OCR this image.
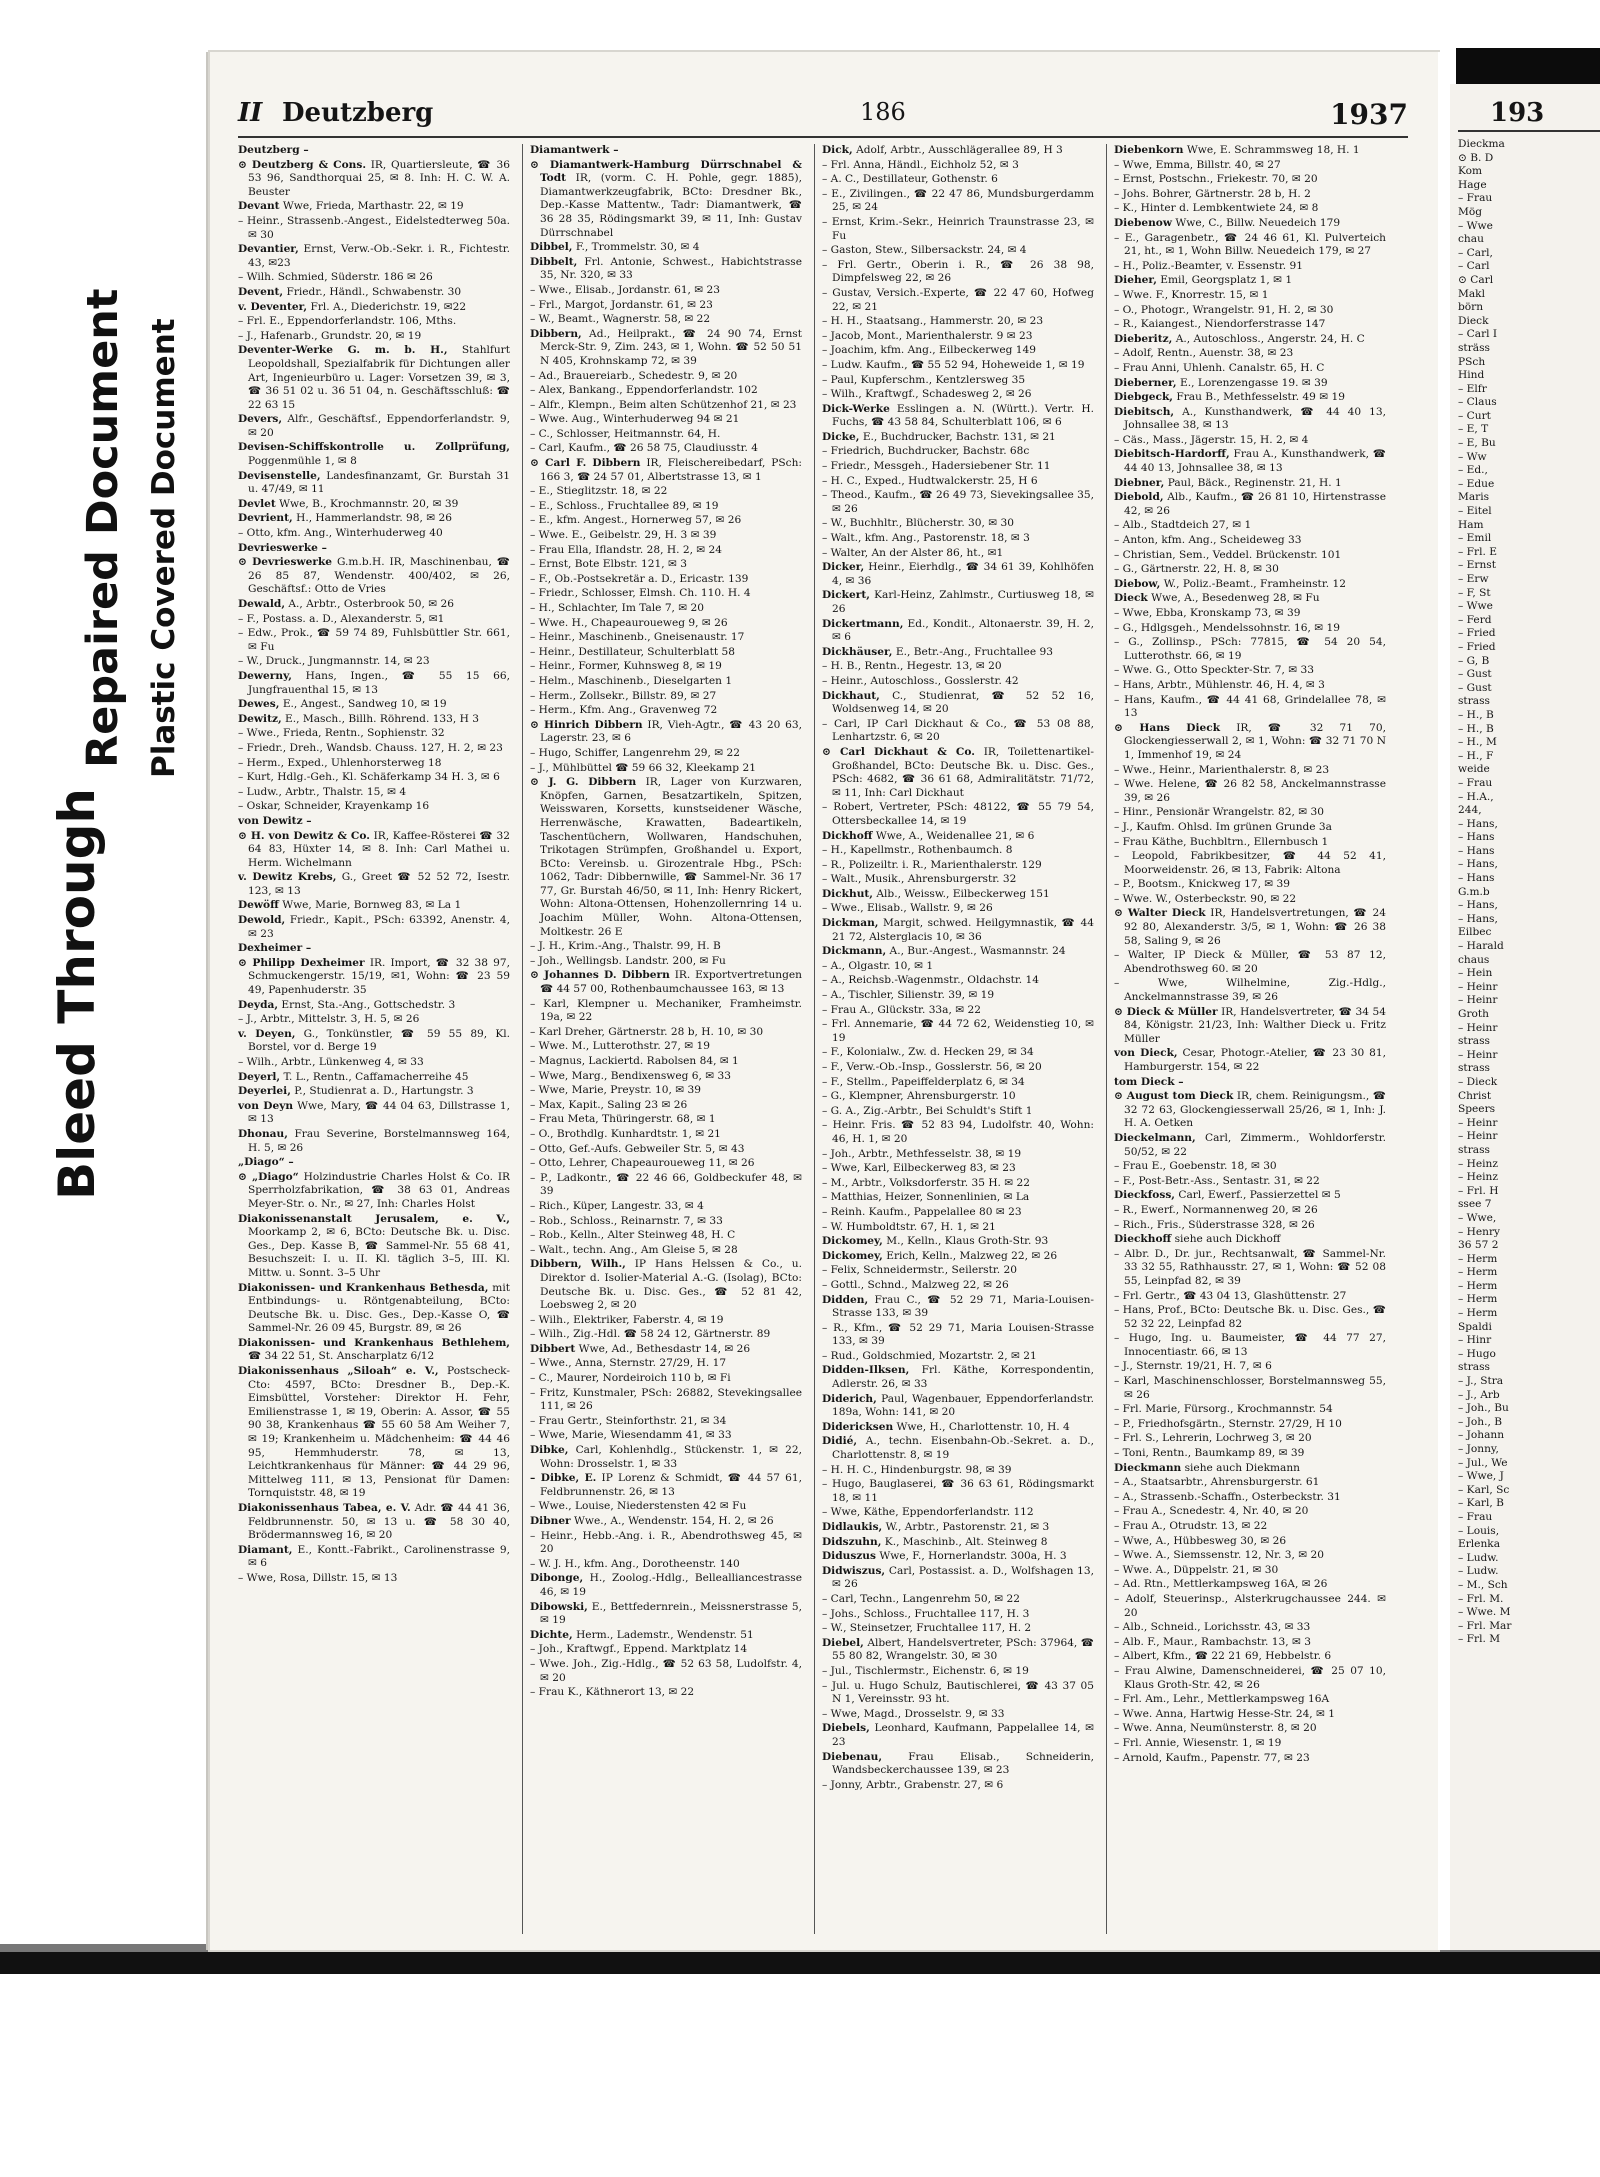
Bleed Through
Repaired Document Plastic Covered Document
II Deutzberg	186	1937
Deutzberg –
⊙ Deutzberg & Cons. IR, Quartiersleute, ☎ 36 53 96, Sandthorquai 25, ✉ 8. Inh: H. C. W. A. Beuster
Devant Wwe, Frieda, Marthastr. 22, ✉ 19
– Heinr., Strassenb.-Angest., Eidelstedterweg 50a. ✉ 30
Devantier, Ernst, Verw.-Ob.-Sekr. i. R., Fichtestr. 43, ✉23
– Wilh. Schmied, Süderstr. 186 ✉ 26
Devent, Friedr., Händl., Schwabenstr. 30
v. Deventer, Frl. A., Diederichstr. 19, ✉22
– Frl. E., Eppendorferlandstr. 106, Mths.
– J., Hafenarb., Grundstr. 20, ✉ 19
Deventer-Werke G. m. b. H., Stahlfurt Leopoldshall, Spezialfabrik für Dichtungen aller Art, Ingenieurbüro u. Lager: Vorsetzen 39, ✉ 3, ☎ 36 51 02 u. 36 51 04, n. Geschäftsschluß: ☎ 22 63 15
Devers, Alfr., Geschäftsf., Eppendorferlandstr. 9, ✉ 20
Devisen-Schiffskontrolle u. Zollprüfung, Poggenmühle 1, ✉ 8
Devisenstelle, Landesfinanzamt, Gr. Burstah 31 u. 47/49, ✉ 11
Devlet Wwe, B., Krochmannstr. 20, ✉ 39
Devrient, H., Hammerlandstr. 98, ✉ 26
– Otto, kfm. Ang., Winterhuderweg 40
Devrieswerke –
⊙ Devrieswerke G.m.b.H. IR, Maschinenbau, ☎ 26 85 87, Wendenstr. 400/402, ✉ 26, Geschäftsf.: Otto de Vries
Dewald, A., Arbtr., Osterbrook 50, ✉ 26
– F., Postass. a. D., Alexanderstr. 5, ✉1
– Edw., Prok., ☎ 59 74 89, Fuhlsbüttler Str. 661, ✉ Fu
– W., Druck., Jungmannstr. 14, ✉ 23
Dewerny, Hans, Ingen., ☎ 55 15 66, Jungfrauenthal 15, ✉ 13
Dewes, E., Angest., Sandweg 10, ✉ 19
Dewitz, E., Masch., Billh. Röhrend. 133, H 3
– Wwe., Frieda, Rentn., Sophienstr. 32
– Friedr., Dreh., Wandsb. Chauss. 127, H. 2, ✉ 23
– Herm., Exped., Uhlenhorsterweg 18
– Kurt, Hdlg.-Geh., Kl. Schäferkamp 34 H. 3, ✉ 6
– Ludw., Arbtr., Thalstr. 15, ✉ 4
– Oskar, Schneider, Krayenkamp 16
von Dewitz –
⊙ H. von Dewitz & Co. IR, Kaffee-Rösterei ☎ 32 64 83, Hüxter 14, ✉ 8. Inh: Carl Mathei u. Herm. Wichelmann
v. Dewitz Krebs, G., Greet ☎ 52 52 72, Isestr. 123, ✉ 13
Dewöff Wwe, Marie, Bornweg 83, ✉ La 1
Dewold, Friedr., Kapit., PSch: 63392, Anenstr. 4, ✉ 23
Dexheimer –
⊙ Philipp Dexheimer IR. Import, ☎ 32 38 97, Schmuckengerstr. 15/19, ✉1, Wohn: ☎ 23 59 49, Papenhuderstr. 35
Deyda, Ernst, Sta.-Ang., Gottschedstr. 3
– J., Arbtr., Mittelstr. 3, H. 5, ✉ 26
v. Deyen, G., Tonkünstler, ☎ 59 55 89, Kl. Borstel, vor d. Berge 19
– Wilh., Arbtr., Lünkenweg 4, ✉ 33
Deyerl, T. L., Rentn., Caffamacherreihe 45
Deyerlei, P., Studienrat a. D., Hartungstr. 3
von Deyn Wwe, Mary, ☎ 44 04 63, Dillstrasse 1, ✉ 13
Dhonau, Frau Severine, Borstelmannsweg 164, H. 5, ✉ 26
„Diago“ –
⊙ „Diago“ Holzindustrie Charles Holst & Co. IR Sperrholzfabrikation, ☎ 38 63 01, Andreas Meyer-Str. o. Nr., ✉ 27, Inh: Charles Holst
Diakonissenanstalt Jerusalem, e. V., Moorkamp 2, ✉ 6, BCto: Deutsche Bk. u. Disc. Ges., Dep. Kasse B, ☎ Sammel-Nr. 55 68 41, Besuchszeit: I. u. II. Kl. täglich 3–5, III. Kl. Mittw. u. Sonnt. 3–5 Uhr
Diakonissen- und Krankenhaus Bethesda, mit Entbindungs- u. Röntgenabteilung, BCto: Deutsche Bk. u. Disc. Ges., Dep.-Kasse O, ☎ Sammel-Nr. 26 09 45, Burgstr. 89, ✉ 26
Diakonissen- und Krankenhaus Bethlehem, ☎ 34 22 51, St. Anscharplatz 6/12
Diakonissenhaus „Siloah“ e. V., Postscheck-Cto: 4597, BCto: Dresdner B., Dep.-K. Eimsbüttel, Vorsteher: Direktor H. Fehr, Emilienstrasse 1, ✉ 19, Oberin: A. Assor, ☎ 55 90 38, Krankenhaus ☎ 55 60 58 Am Weiher 7, ✉ 19; Krankenheim u. Mädchenheim: ☎ 44 46 95, Hemmhuderstr. 78, ✉ 13, Leichtkrankenhaus für Männer: ☎ 44 29 96, Mittelweg 111, ✉ 13, Pensionat für Damen: Tornquiststr. 48, ✉ 19
Diakonissenhaus Tabea, e. V. Adr. ☎ 44 41 36, Feldbrunnenstr. 50, ✉ 13 u. ☎ 58 30 40, Brödermannsweg 16, ✉ 20
Diamant, E., Kontt.-Fabrikt., Carolinenstrasse 9, ✉ 6
– Wwe, Rosa, Dillstr. 15, ✉ 13
Diamantwerk –
⊙ Diamantwerk-Hamburg Dürrschnabel & Todt IR, (vorm. C. H. Pohle, gegr. 1885), Diamantwerkzeugfabrik, BCto: Dresdner Bk., Dep.-Kasse Mattentw., Tadr: Diamantwerk, ☎ 36 28 35, Rödingsmarkt 39, ✉ 11, Inh: Gustav Dürrschnabel
Dibbel, F., Trommelstr. 30, ✉ 4
Dibbelt, Frl. Antonie, Schwest., Habichtstrasse 35, Nr. 320, ✉ 33
– Wwe., Elisab., Jordanstr. 61, ✉ 23
– Frl., Margot, Jordanstr. 61, ✉ 23
– W., Beamt., Wagnerstr. 58, ✉ 22
Dibbern, Ad., Heilprakt., ☎ 24 90 74, Ernst Merck-Str. 9, Zim. 243, ✉ 1, Wohn. ☎ 52 50 51 N 405, Krohnskamp 72, ✉ 39
– Ad., Brauereiarb., Schedestr. 9, ✉ 20
– Alex, Bankang., Eppendorferlandstr. 102
– Alfr., Klempn., Beim alten Schützenhof 21, ✉ 23
– Wwe. Aug., Winterhuderweg 94 ✉ 21
– C., Schlosser, Heitmannstr. 64, H.
– Carl, Kaufm., ☎ 26 58 75, Claudiusstr. 4
⊙ Carl F. Dibbern IR, Fleischereibedarf, PSch: 166 3, ☎ 24 57 01, Albertstrasse 13, ✉ 1
– E., Stieglitzstr. 18, ✉ 22
– E., Schloss., Fruchtallee 89, ✉ 19
– E., kfm. Angest., Hornerweg 57, ✉ 26
– Wwe. E., Geibelstr. 29, H. 3 ✉ 39
– Frau Ella, Iflandstr. 28, H. 2, ✉ 24
– Ernst, Bote Elbstr. 121, ✉ 3
– F., Ob.-Postsekretär a. D., Ericastr. 139
– Friedr., Schlosser, Elmsh. Ch. 110. H. 4
– H., Schlachter, Im Tale 7, ✉ 20
– Wwe. H., Chapeauroueweg 9, ✉ 26
– Heinr., Maschinenb., Gneisenaustr. 17
– Heinr., Destillateur, Schulterblatt 58
– Heinr., Former, Kuhnsweg 8, ✉ 19
– Helm., Maschinenb., Dieselgarten 1
– Herm., Zollsekr., Billstr. 89, ✉ 27
– Herm., Kfm. Ang., Gravenweg 72
⊙ Hinrich Dibbern IR, Vieh-Agtr., ☎ 43 20 63, Lagerstr. 23, ✉ 6
– Hugo, Schiffer, Langenrehm 29, ✉ 22
– J., Mühlbüttel ☎ 59 66 32, Kleekamp 21
⊙ J. G. Dibbern IR, Lager von Kurzwaren, Knöpfen, Garnen, Besatzartikeln, Spitzen, Weisswaren, Korsetts, kunstseidener Wäsche, Herrenwäsche, Krawatten, Badeartikeln, Taschentüchern, Wollwaren, Handschuhen, Trikotagen Strümpfen, Großhandel u. Export, BCto: Vereinsb. u. Girozentrale Hbg., PSch: 1062, Tadr: Dibbernwille, ☎ Sammel-Nr. 36 17 77, Gr. Burstah 46/50, ✉ 11, Inh: Henry Rickert, Wohn: Altona-Ottensen, Hohenzollernring 14 u. Joachim Müller, Wohn. Altona-Ottensen, Moltkestr. 26 E
– J. H., Krim.-Ang., Thalstr. 99, H. B
– Joh., Wellingsb. Landstr. 200, ✉ Fu
⊙ Johannes D. Dibbern IR. Exportvertretungen ☎ 44 57 00, Rothenbaumchaussee 163, ✉ 13
– Karl, Klempner u. Mechaniker, Framheimstr. 19a, ✉ 22
– Karl Dreher, Gärtnerstr. 28 b, H. 10, ✉ 30
– Wwe. M., Lutterothstr. 27, ✉ 19
– Magnus, Lackiertd. Rabolsen 84, ✉ 1
– Wwe, Marg., Bendixensweg 6, ✉ 33
– Wwe, Marie, Preystr. 10, ✉ 39
– Max, Kapit., Saling 23 ✉ 26
– Frau Meta, Thüringerstr. 68, ✉ 1
– O., Brothdlg. Kunhardtstr. 1, ✉ 21
– Otto, Gef.-Aufs. Gebweiler Str. 5, ✉ 43
– Otto, Lehrer, Chapeauroueweg 11, ✉ 26
– P., Ladkontr., ☎ 22 46 66, Goldbeckufer 48, ✉ 39
– Rich., Küper, Langestr. 33, ✉ 4
– Rob., Schloss., Reinarnstr. 7, ✉ 33
– Rob., Kelln., Alter Steinweg 48, H. C
– Walt., techn. Ang., Am Gleise 5, ✉ 28
Dibbern, Wilh., IP Hans Helssen & Co., u. Direktor d. Isolier-Material A.-G. (Isolag), BCto: Deutsche Bk. u. Disc. Ges., ☎ 52 81 42, Loebsweg 2, ✉ 20
– Wilh., Elektriker, Faberstr. 4, ✉ 19
– Wilh., Zig.-Hdl. ☎ 58 24 12, Gärtnerstr. 89
Dibbert Wwe, Ad., Bethesdastr 14, ✉ 26
– Wwe., Anna, Sternstr. 27/29, H. 17
– C., Maurer, Nordeiroich 110 b, ✉ Fi
– Fritz, Kunstmaler, PSch: 26882, Stevekingsallee 111, ✉ 26
– Frau Gertr., Steinforthstr. 21, ✉ 34
– Wwe, Marie, Wiesendamm 41, ✉ 33
Dibke, Carl, Kohlenhdlg., Stückenstr. 1, ✉ 22, Wohn: Drosselstr. 1, ✉ 33
– Dibke, E. IP Lorenz & Schmidt, ☎ 44 57 61, Feldbrunnenstr. 26, ✉ 13
– Wwe., Louise, Niederstensten 42 ✉ Fu
Dibner Wwe., A., Wendenstr. 154, H. 2, ✉ 26
– Heinr., Hebb.-Ang. i. R., Abendrothsweg 45, ✉ 20
– W. J. H., kfm. Ang., Dorotheenstr. 140
Dibonge, H., Zoolog.-Hdlg., Bellealliancestrasse 46, ✉ 19
Dibowski, E., Bettfedernrein., Meissnerstrasse 5, ✉ 19
Dichte, Herm., Lademstr., Wendenstr. 51
– Joh., Kraftwgf., Eppend. Marktplatz 14
– Wwe. Joh., Zig.-Hdlg., ☎ 52 63 58, Ludolfstr. 4, ✉ 20
– Frau K., Käthnerort 13, ✉ 22
Dick, Adolf, Arbtr., Ausschlägerallee 89, H 3
– Frl. Anna, Händl., Eichholz 52, ✉ 3
– A. C., Destillateur, Gothenstr. 6
– E., Zivilingen., ☎ 22 47 86, Mundsburgerdamm 25, ✉ 24
– Ernst, Krim.-Sekr., Heinrich Traunstrasse 23, ✉ Fu
– Gaston, Stew., Silbersackstr. 24, ✉ 4
– Frl. Gertr., Oberin i. R., ☎ 26 38 98, Dimpfelsweg 22, ✉ 26
– Gustav, Versich.-Experte, ☎ 22 47 60, Hofweg 22, ✉ 21
– H. H., Staatsang., Hammerstr. 20, ✉ 23
– Jacob, Mont., Marienthalerstr. 9 ✉ 23
– Joachim, kfm. Ang., Eilbeckerweg 149
– Ludw. Kaufm., ☎ 55 52 94, Hoheweide 1, ✉ 19
– Paul, Kupferschm., Kentzlersweg 35
– Wilh., Kraftwgf., Schadesweg 2, ✉ 26
Dick-Werke Esslingen a. N. (Württ.). Vertr. H. Fuchs, ☎ 43 58 84, Schulterblatt 106, ✉ 6
Dicke, E., Buchdrucker, Bachstr. 131, ✉ 21
– Friedrich, Buchdrucker, Bachstr. 68c
– Friedr., Messgeh., Hadersiebener Str. 11
– H. C., Exped., Hudtwalckerstr. 25, H 6
– Theod., Kaufm., ☎ 26 49 73, Sievekingsallee 35, ✉ 26
– W., Buchhltr., Blücherstr. 30, ✉ 30
– Walt., kfm. Ang., Pastorenstr. 18, ✉ 3
– Walter, An der Alster 86, ht., ✉1
Dicker, Heinr., Eierhdlg., ☎ 34 61 39, Kohlhöfen 4, ✉ 36
Dickert, Karl-Heinz, Zahlmstr., Curtiusweg 18, ✉ 26
Dickertmann, Ed., Kondit., Altonaerstr. 39, H. 2, ✉ 6
Dickhäuser, E., Betr.-Ang., Fruchtallee 93
– H. B., Rentn., Hegestr. 13, ✉ 20
– Heinr., Autoschloss., Gosslerstr. 42
Dickhaut, C., Studienrat, ☎ 52 52 16, Woldsenweg 14, ✉ 20
– Carl, IP Carl Dickhaut & Co., ☎ 53 08 88, Lenhartzstr. 6, ✉ 20
⊙ Carl Dickhaut & Co. IR, Toilettenartikel-Großhandel, BCto: Deutsche Bk. u. Disc. Ges., PSch: 4682, ☎ 36 61 68, Admiralitätstr. 71/72, ✉ 11, Inh: Carl Dickhaut
– Robert, Vertreter, PSch: 48122, ☎ 55 79 54, Ottersbeckallee 14, ✉ 19
Dickhoff Wwe, A., Weidenallee 21, ✉ 6
– H., Kapellmstr., Rothenbaumch. 8
– R., Polizeiltr. i. R., Marienthalerstr. 129
– Walt., Musik., Ahrensburgerstr. 32
Dickhut, Alb., Weissw., Eilbeckerweg 151
– Wwe., Elisab., Wallstr. 9, ✉ 26
Dickman, Margit, schwed. Heilgymnastik, ☎ 44 21 72, Alsterglacis 10, ✉ 36
Dickmann, A., Bur.-Angest., Wasmannstr. 24
– A., Olgastr. 10, ✉ 1
– A., Reichsb.-Wagenmstr., Oldachstr. 14
– A., Tischler, Silienstr. 39, ✉ 19
– Frau A., Glückstr. 33a, ✉ 22
– Frl. Annemarie, ☎ 44 72 62, Weidenstieg 10, ✉ 19
– F., Kolonialw., Zw. d. Hecken 29, ✉ 34
– F., Verw.-Ob.-Insp., Gosslerstr. 56, ✉ 20
– F., Stellm., Papeiffelderplatz 6, ✉ 34
– G., Klempner, Ahrensburgerstr. 10
– G. A., Zig.-Arbtr., Bei Schuldt's Stift 1
– Heinr. Fris. ☎ 52 83 94, Ludolfstr. 40, Wohn: 46, H. 1, ✉ 20
– Joh., Arbtr., Methfesselstr. 38, ✉ 19
– Wwe, Karl, Eilbeckerweg 83, ✉ 23
– M., Arbtr., Volksdorferstr. 35 H. ✉ 22
– Matthias, Heizer, Sonnenlinien, ✉ La
– Reinh. Kaufm., Pappelallee 80 ✉ 23
– W. Humboldtstr. 67, H. 1, ✉ 21
Dickomey, M., Kelln., Klaus Groth-Str. 93
Dickomey, Erich, Kelln., Malzweg 22, ✉ 26
– Felix, Schneidermstr., Seilerstr. 20
– Gottl., Schnd., Malzweg 22, ✉ 26
Didden, Frau C., ☎ 52 29 71, Maria-Louisen-Strasse 133, ✉ 39
– R., Kfm., ☎ 52 29 71, Maria Louisen-Strasse 133, ✉ 39
– Rud., Goldschmied, Mozartstr. 2, ✉ 21
Didden-Ilksen, Frl. Käthe, Korrespondentin, Adlerstr. 26, ✉ 33
Diderich, Paul, Wagenbauer, Eppendorferlandstr. 189a, Wohn: 141, ✉ 20
Didericksen Wwe, H., Charlottenstr. 10, H. 4
Didié, A., techn. Eisenbahn-Ob.-Sekret. a. D., Charlottenstr. 8, ✉ 19
– H. H. C., Hindenburgstr. 98, ✉ 39
– Hugo, Bauglaserei, ☎ 36 63 61, Rödingsmarkt 18, ✉ 11
– Wwe, Käthe, Eppendorferlandstr. 112
Didlaukis, W., Arbtr., Pastorenstr. 21, ✉ 3
Didszuhn, K., Maschinb., Alt. Steinweg 8
Diduszus Wwe, F., Hornerlandstr. 300a, H. 3
Didwiszus, Carl, Postassist. a. D., Wolfshagen 13, ✉ 26
– Carl, Techn., Langenrehm 50, ✉ 22
– Johs., Schloss., Fruchtallee 117, H. 3
– W., Steinsetzer, Fruchtallee 117, H. 2
Diebel, Albert, Handelsvertreter, PSch: 37964, ☎ 55 80 82, Wrangelstr. 30, ✉ 30
– Jul., Tischlermstr., Eichenstr. 6, ✉ 19
– Jul. u. Hugo Schulz, Bautischlerei, ☎ 43 37 05 N 1, Vereinsstr. 93 ht.
– Wwe, Magd., Drosselstr. 9, ✉ 33
Diebels, Leonhard, Kaufmann, Pappelallee 14, ✉ 23
Diebenau, Frau Elisab., Schneiderin, Wandsbeckerchaussee 139, ✉ 23
– Jonny, Arbtr., Grabenstr. 27, ✉ 6
Diebenkorn Wwe, E. Schrammsweg 18, H. 1
– Wwe, Emma, Billstr. 40, ✉ 27
– Ernst, Postschn., Friekestr. 70, ✉ 20
– Johs. Bohrer, Gärtnerstr. 28 b, H. 2
– K., Hinter d. Lembkentwiete 24, ✉ 8
Diebenow Wwe, C., Billw. Neuedeich 179
– E., Garagenbetr., ☎ 24 46 61, Kl. Pulverteich 21, ht., ✉ 1, Wohn Billw. Neuedeich 179, ✉ 27
– H., Poliz.-Beamter, v. Essenstr. 91
Dieher, Emil, Georgsplatz 1, ✉ 1
– Wwe. F., Knorrestr. 15, ✉ 1
– O., Photogr., Wrangelstr. 91, H. 2, ✉ 30
– R., Kaiangest., Niendorferstrasse 147
Dieberitz, A., Autoschloss., Angerstr. 24, H. C
– Adolf, Rentn., Auenstr. 38, ✉ 23
– Frau Anni, Uhlenh. Canalstr. 65, H. C
Dieberner, E., Lorenzengasse 19. ✉ 39
Diebgeck, Frau B., Methfesselstr. 49 ✉ 19
Diebitsch, A., Kunsthandwerk, ☎ 44 40 13, Johnsallee 38, ✉ 13
– Cäs., Mass., Jägerstr. 15, H. 2, ✉ 4
Diebitsch-Hardorff, Frau A., Kunsthandwerk, ☎ 44 40 13, Johnsallee 38, ✉ 13
Diebner, Paul, Bäck., Reginenstr. 21, H. 1
Diebold, Alb., Kaufm., ☎ 26 81 10, Hirtenstrasse 42, ✉ 26
– Alb., Stadtdeich 27, ✉ 1
– Anton, kfm. Ang., Scheideweg 33
– Christian, Sem., Veddel. Brückenstr. 101
– G., Gärtnerstr. 22, H. 8, ✉ 30
Diebow, W., Poliz.-Beamt., Framheinstr. 12
Dieck Wwe, A., Besedenweg 28, ✉ Fu
– Wwe, Ebba, Kronskamp 73, ✉ 39
– G., Hdlgsgeh., Mendelssohnstr. 16, ✉ 19
– G., Zollinsp., PSch: 77815, ☎ 54 20 54, Lutterothstr. 66, ✉ 19
– Wwe. G., Otto Speckter-Str. 7, ✉ 33
– Hans, Arbtr., Mühlenstr. 46, H. 4, ✉ 3
– Hans, Kaufm., ☎ 44 41 68, Grindelallee 78, ✉ 13
⊙ Hans Dieck IR, ☎ 32 71 70, Glockengiesserwall 2, ✉ 1, Wohn: ☎ 32 71 70 N 1, Immenhof 19, ✉ 24
– Wwe., Heinr., Marienthalerstr. 8, ✉ 23
– Wwe. Helene, ☎ 26 82 58, Anckelmannstrasse 39, ✉ 26
– Hinr., Pensionär Wrangelstr. 82, ✉ 30
– J., Kaufm. Ohlsd. Im grünen Grunde 3a
– Frau Käthe, Buchbltrn., Ellernbusch 1
– Leopold, Fabrikbesitzer, ☎ 44 52 41, Moorweidenstr. 26, ✉ 13, Fabrik: Altona
– P., Bootsm., Knickweg 17, ✉ 39
– Wwe. W., Osterbeckstr. 90, ✉ 22
⊙ Walter Dieck IR, Handelsvertretungen, ☎ 24 92 80, Alexanderstr. 3/5, ✉ 1, Wohn: ☎ 26 38 58, Saling 9, ✉ 26
– Walter, IP Dieck & Müller, ☎ 53 87 12, Abendrothsweg 60. ✉ 20
– Wwe, Wilhelmine, Zig.-Hdlg., Anckelmannstrasse 39, ✉ 26
⊙ Dieck & Müller IR, Handelsvertreter, ☎ 34 54 84, Königstr. 21/23, Inh: Walther Dieck u. Fritz Müller
von Dieck, Cesar, Photogr.-Atelier, ☎ 23 30 81, Hamburgerstr. 154, ✉ 22
tom Dieck –
⊙ August tom Dieck IR, chem. Reinigungsm., ☎ 32 72 63, Glockengiesserwall 25/26, ✉ 1, Inh: J. H. A. Oetken
Dieckelmann, Carl, Zimmerm., Wohldorferstr. 50/52, ✉ 22
– Frau E., Goebenstr. 18, ✉ 30
– F., Post-Betr.-Ass., Sentastr. 31, ✉ 22
Dieckfoss, Carl, Ewerf., Passierzettel ✉ 5
– R., Ewerf., Normannenweg 20, ✉ 26
– Rich., Fris., Süderstrasse 328, ✉ 26
Dieckhoff siehe auch Dickhoff
– Albr. D., Dr. jur., Rechtsanwalt, ☎ Sammel-Nr. 33 32 55, Rathhausstr. 27, ✉ 1, Wohn: ☎ 52 08 55, Leinpfad 82, ✉ 39
– Frl. Gertr., ☎ 43 04 13, Glashüttenstr. 27
– Hans, Prof., BCto: Deutsche Bk. u. Disc. Ges., ☎ 52 32 22, Leinpfad 82
– Hugo, Ing. u. Baumeister, ☎ 44 77 27, Innocentiastr. 66, ✉ 13
– J., Sternstr. 19/21, H. 7, ✉ 6
– Karl, Maschinenschlosser, Borstelmannsweg 55, ✉ 26
– Frl. Marie, Fürsorg., Krochmannstr. 54
– P., Friedhofsgärtn., Sternstr. 27/29, H 10
– Frl. S., Lehrerin, Lochrweg 3, ✉ 20
– Toni, Rentn., Baumkamp 89, ✉ 39
Dieckmann siehe auch Diekmann
– A., Staatsarbtr., Ahrensburgerstr. 61
– A., Strassenb.-Schaffn., Osterbeckstr. 31
– Frau A., Scnedestr. 4, Nr. 40, ✉ 20
– Frau A., Otrudstr. 13, ✉ 22
– Wwe, A., Hübbesweg 30, ✉ 26
– Wwe. A., Siemssenstr. 12, Nr. 3, ✉ 20
– Wwe. A., Düppelstr. 21, ✉ 30
– Ad. Rtn., Mettlerkampsweg 16A, ✉ 26
– Adolf, Steuerinsp., Alsterkrugchaussee 244. ✉ 20
– Alb., Schneid., Lorichsstr. 43, ✉ 33
– Alb. F., Maur., Rambachstr. 13, ✉ 3
– Albert, Kfm., ☎ 22 21 69, Hebbelstr. 6
– Frau Alwine, Damenschneiderei, ☎ 25 07 10, Klaus Groth-Str. 42, ✉ 26
– Frl. Am., Lehr., Mettlerkampsweg 16A
– Wwe. Anna, Hartwig Hesse-Str. 24, ✉ 1
– Wwe. Anna, Neumünsterstr. 8, ✉ 20
– Frl. Annie, Wiesenstr. 1, ✉ 19
– Arnold, Kaufm., Papenstr. 77, ✉ 23
193
Dieckma
⊙ B. D
Kom
Hage
– Frau
Mög
– Wwe
chau
– Carl,
– Carl
⊙ Carl
Makl
börn
Dieck
– Carl I
sträss
PSch
Hind
– Elfr
– Claus
– Curt
– E, T
– E, Bu
– Ww
– Ed.,
– Edue
Maris
– Eitel
Ham
– Emil
– Frl. E
– Ernst
– Erw
– F, St
– Wwe
– Ferd
– Fried
– Fried
– G, B
– Gust
– Gust
strass
– H., B
– H., B
– H., M
– H., F
weide
– Frau
– H.A.,
244,
– Hans,
– Hans
– Hans
– Hans,
– Hans
G.m.b
– Hans,
– Hans,
Eilbec
– Harald
chaus
– Hein
– Heinr
– Heinr
Groth
– Heinr
strass
– Heinr
strass
– Dieck
Christ
Speers
– Heinr
– Heinr
strass
– Heinz
– Heinz
– Frl. H
ssee 7
– Wwe,
– Henry
36 57 2
– Herm
– Herm
– Herm
– Herm
– Herm
Spaldi
– Hinr
– Hugo
strass
– J., Stra
– J., Arb
– Joh., Bu
– Joh., B
– Johann
– Jonny,
– Jul., We
– Wwe, J
– Karl, Sc
– Karl, B
– Frau
– Louis,
Erlenka
– Ludw.
– Ludw.
– M., Sch
– Frl. M.
– Wwe. M
– Frl. Mar
– Frl. M
